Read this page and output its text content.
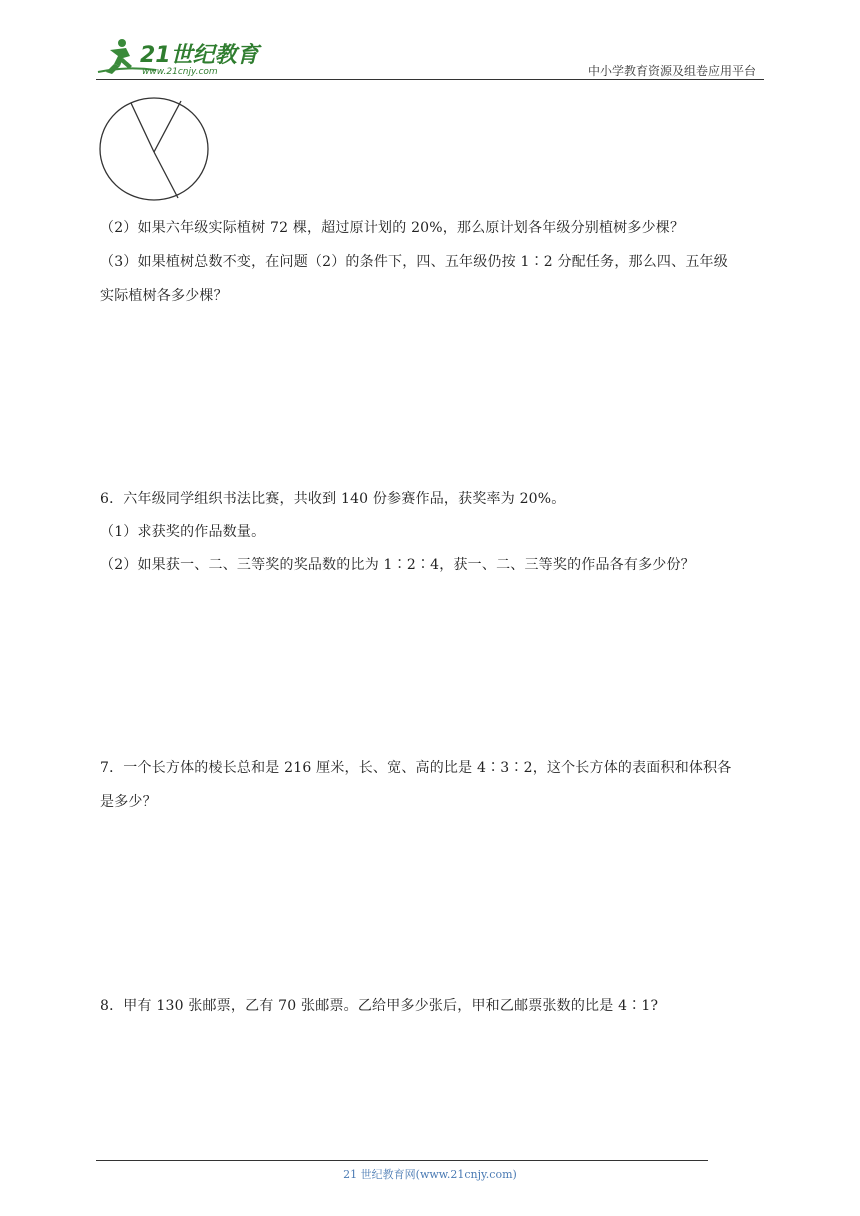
21世纪教育
www.21cnjy.com	中小学教育资源及组卷应用平台
（2）如果六年级实际植树 72 棵，超过原计划的 20%，那么原计划各年级分别植树多少棵？
（3）如果植树总数不变，在问题（2）的条件下，四、五年级仍按 1∶2 分配任务，那么四、五年级
实际植树各多少棵？
6．六年级同学组织书法比赛，共收到 140 份参赛作品，获奖率为 20%。
（1）求获奖的作品数量。
（2）如果获一、二、三等奖的奖品数的比为 1∶2∶4，获一、二、三等奖的作品各有多少份？
7．一个长方体的棱长总和是 216 厘米，长、宽、高的比是 4∶3∶2，这个长方体的表面积和体积各
是多少？
8．甲有 130 张邮票，乙有 70 张邮票。乙给甲多少张后，甲和乙邮票张数的比是 4∶1?
21 世纪教育网(www.21cnjy.com)
